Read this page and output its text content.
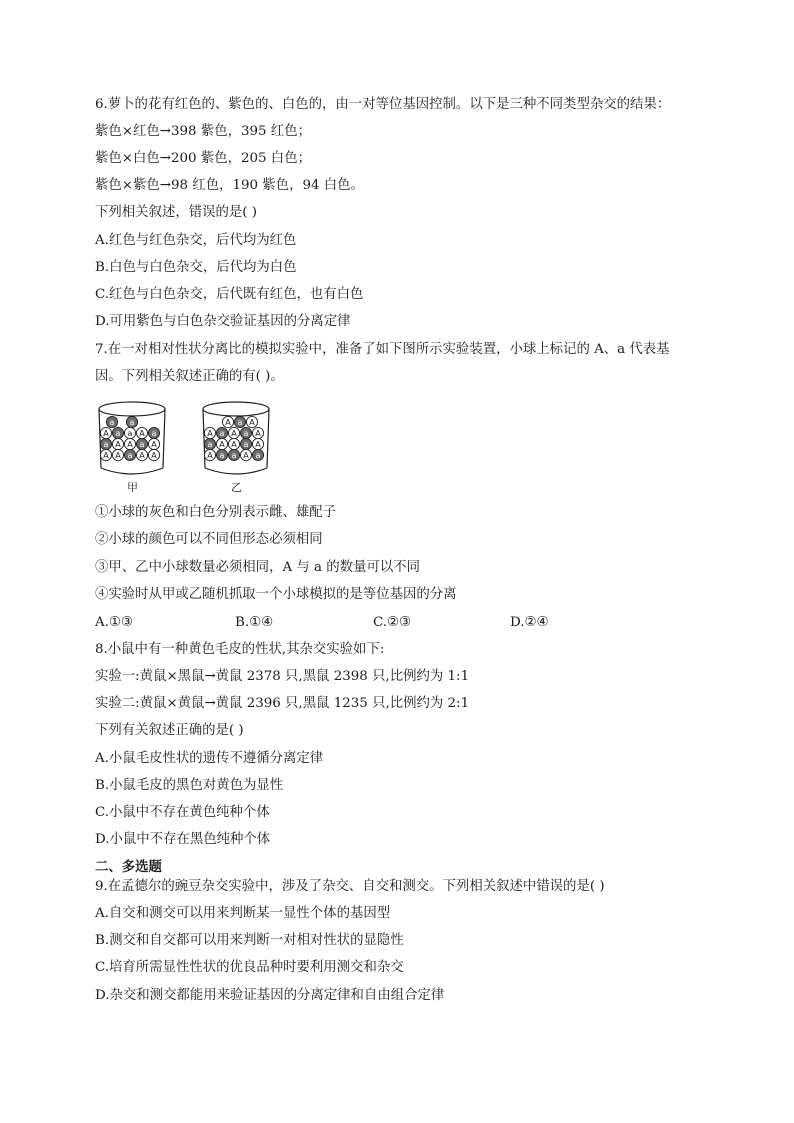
6.萝卜的花有红色的、紫色的、白色的，由一对等位基因控制。以下是三种不同类型杂交的结果：
紫色×红色→398 紫色，395 红色；
紫色×白色→200 紫色，205 白色；
紫色×紫色→98 红色，190 紫色，94 白色。
下列相关叙述，错误的是( )
A.红色与红色杂交，后代均为红色
B.白色与白色杂交，后代均为白色
C.红色与白色杂交，后代既有红色，也有白色
D.可用紫色与白色杂交验证基因的分离定律
7.在一对相对性状分离比的模拟实验中，准备了如下图所示实验装置，小球上标记的 A、a 代表基
因。下列相关叙述正确的有( )。
a a
A a a A a
a A A a A
A A a A A
A a A
A a A a A
a A A a A
A a a A a
甲	乙
①小球的灰色和白色分别表示雌、雄配子
②小球的颜色可以不同但形态必须相同
③甲、乙中小球数量必须相同，A 与 a 的数量可以不同
④实验时从甲或乙随机抓取一个小球模拟的是等位基因的分离
A.①③	B.①④	C.②③	D.②④
8.小鼠中有一种黄色毛皮的性状,其杂交实验如下:
实验一:黄鼠×黑鼠→黄鼠 2378 只,黑鼠 2398 只,比例约为 1:1
实验二:黄鼠×黄鼠→黄鼠 2396 只,黑鼠 1235 只,比例约为 2:1
下列有关叙述正确的是( )
A.小鼠毛皮性状的遗传不遵循分离定律
B.小鼠毛皮的黑色对黄色为显性
C.小鼠中不存在黄色纯种个体
D.小鼠中不存在黑色纯种个体
二、多选题
9.在孟德尔的豌豆杂交实验中，涉及了杂交、自交和测交。下列相关叙述中错误的是( )
A.自交和测交可以用来判断某一显性个体的基因型
B.测交和自交都可以用来判断一对相对性状的显隐性
C.培育所需显性性状的优良品种时要利用测交和杂交
D.杂交和测交都能用来验证基因的分离定律和自由组合定律
